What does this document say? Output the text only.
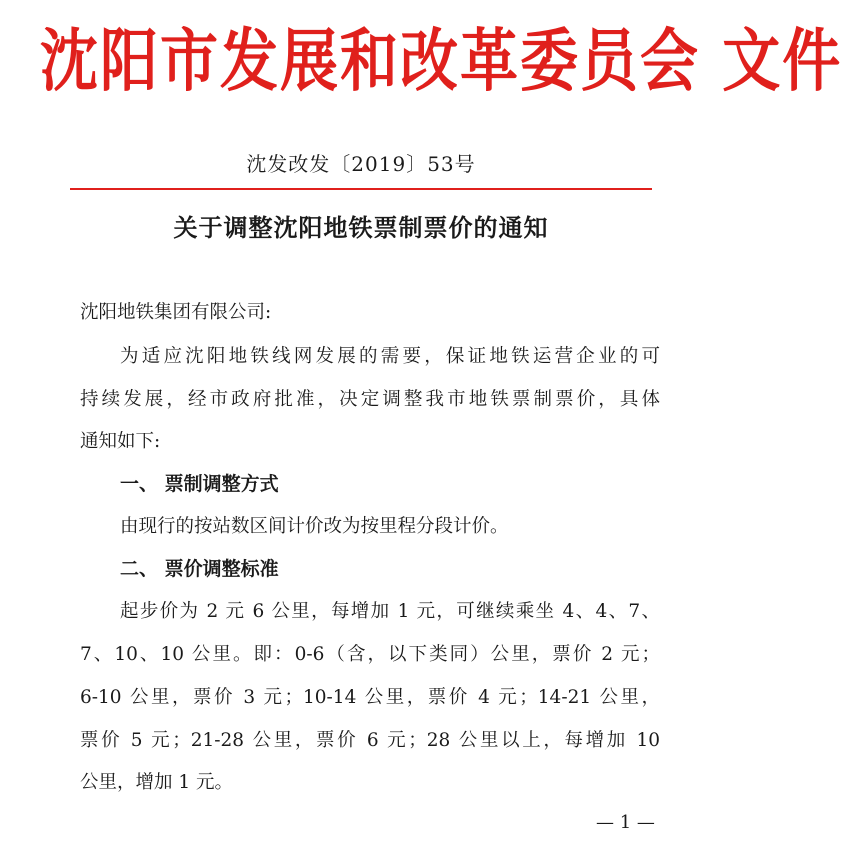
沈阳市发展和改革委员会 文件
沈发改发〔2019〕53号
关于调整沈阳地铁票制票价的通知
沈阳地铁集团有限公司:
为适应沈阳地铁线网发展的需要，保证地铁运营企业的可
持续发展，经市政府批准，决定调整我市地铁票制票价，具体
通知如下:
一、 票制调整方式
由现行的按站数区间计价改为按里程分段计价。
二、 票价调整标准
起步价为 2 元 6 公里，每增加 1 元，可继续乘坐 4、4、7、
7、10、10 公里。即：0-6（含，以下类同）公里，票价 2 元；
6-10 公里，票价 3 元；10-14 公里，票价 4 元；14-21 公里，
票价 5 元；21-28 公里，票价 6 元；28 公里以上，每增加 10
公里，增加 1 元。
— 1 —
